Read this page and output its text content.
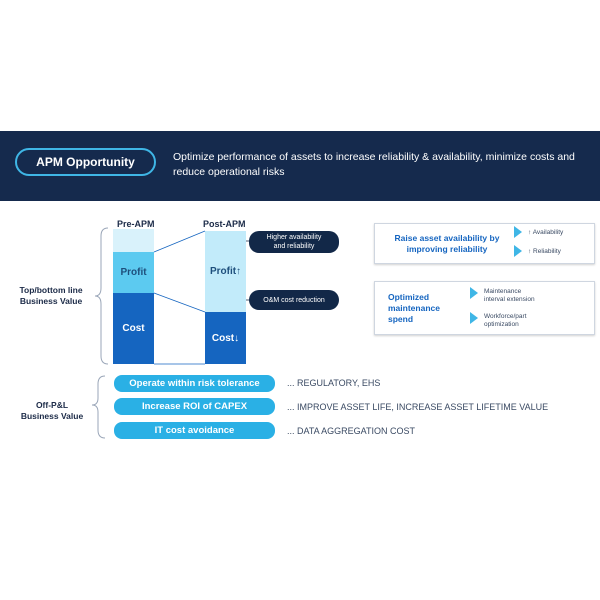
APM Opportunity	Optimize performance of assets to increase reliability & availability, minimize costs and reduce operational risks
Pre-APM	Post-APM
Top/bottom line
Business Value
Profit
Cost
Profit↑
Cost↓
Higher availability
and reliability
O&M cost reduction
Raise asset availability by
improving reliability
↑ Availability
↑ Reliability
Optimized
maintenance
spend
Maintenance
interval extension
Workforce/part
optimization
Off-P&L
Business Value
Operate within risk tolerance	... REGULATORY, EHS
Increase ROI of CAPEX	... IMPROVE ASSET LIFE, INCREASE ASSET LIFETIME VALUE
IT cost avoidance	... DATA AGGREGATION COST
